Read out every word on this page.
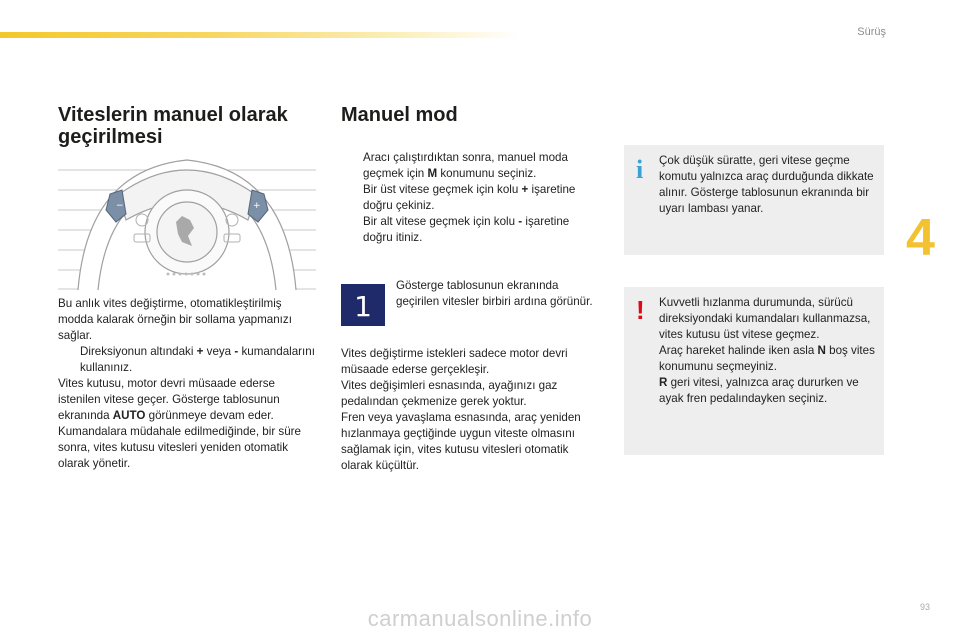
Sürüş
4
Viteslerin manuel olarak
geçirilmesi
−	+

Bu anlık vites değiştirme, otomatikleştirilmiş modda kalarak örneğin bir sollama yapmanızı sağlar.

Direksiyonun altındaki + veya - kumandalarını kullanınız.

Vites kutusu, motor devri müsaade ederse istenilen vitese geçer. Gösterge tablosunun ekranında AUTO görünmeye devam eder.

Kumandalara müdahale edilmediğinde, bir süre sonra, vites kutusu vitesleri yeniden otomatik olarak yönetir.

Manuel mod
Aracı çalıştırdıktan sonra, manuel moda geçmek için M konumunu seçiniz.
Bir üst vitese geçmek için kolu + işaretine doğru çekiniz.
Bir alt vitese geçmek için kolu - işaretine doğru itiniz.
1

Gösterge tablosunun ekranında geçirilen vitesler birbiri ardına görünür.

Vites değiştirme istekleri sadece motor devri müsaade ederse gerçekleşir.

Vites değişimleri esnasında, ayağınızı gaz pedalından çekmenize gerek yoktur.

Fren veya yavaşlama esnasında, araç yeniden hızlanmaya geçtiğinde uygun viteste olmasını sağlamak için, vites kutusu vitesleri otomatik olarak küçültür.

i Çok düşük süratte, geri vitese geçme komutu yalnızca araç durduğunda dikkate alınır. Gösterge tablosunun ekranında bir uyarı lambası yanar.

! Kuvvetli hızlanma durumunda, sürücü direksiyondaki kumandaları kullanmazsa, vites kutusu üst vitese geçmez.

Araç hareket halinde iken asla N boş vites konumunu seçmeyiniz.

R geri vitesi, yalnızca araç dururken ve ayak fren pedalındayken seçiniz.

93
carmanualsonline.info
